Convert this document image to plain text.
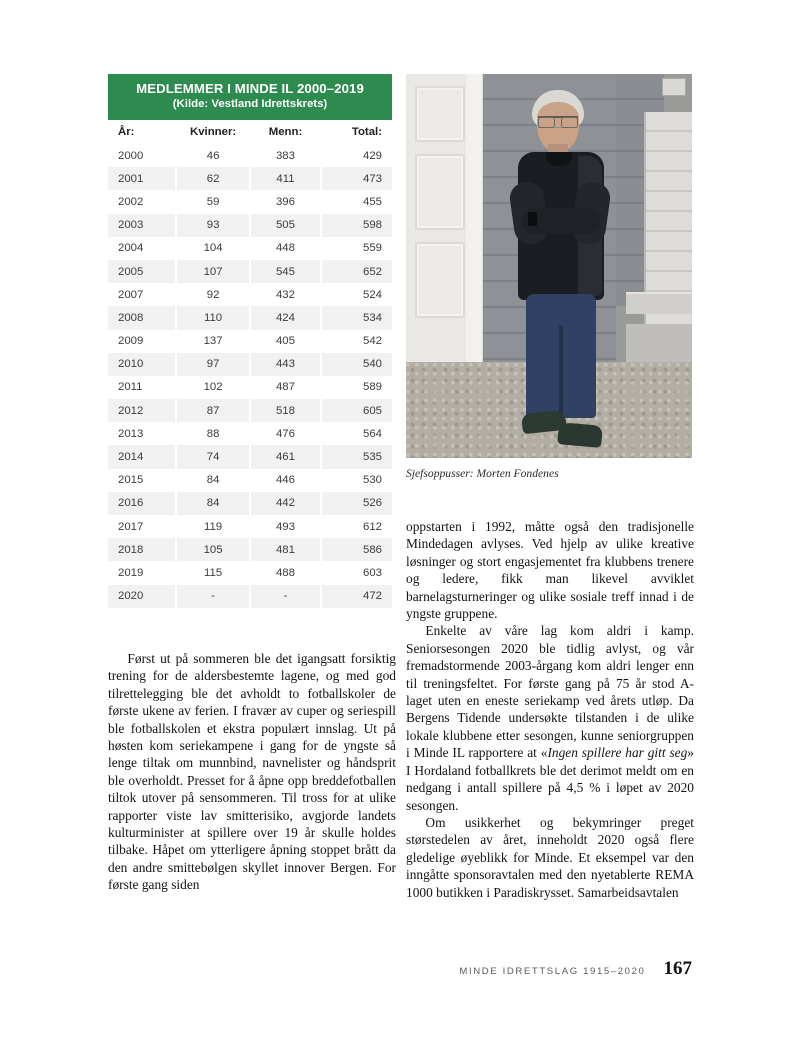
MEDLEMMER I MINDE IL 2000–2019
(Kilde: Vestland Idrettskrets)
År:	Kvinner:	Menn:	Total:
2000	46	383	429
2001	62	411	473
2002	59	396	455
2003	93	505	598
2004	104	448	559
2005	107	545	652
2007	92	432	524
2008	110	424	534
2009	137	405	542
2010	97	443	540
2011	102	487	589
2012	87	518	605
2013	88	476	564
2014	74	461	535
2015	84	446	530
2016	84	442	526
2017	119	493	612
2018	105	481	586
2019	115	488	603
2020	-	-	472
Sjefsoppusser: Morten Fondenes

Først ut på sommeren ble det igangsatt forsiktig trening for de aldersbestemte lagene, og med god tilrettelegging ble det avholdt to fotballskoler de første ukene av ferien. I fravær av cuper og seriespill ble fotballskolen et ekstra populært innslag. Ut på høsten kom seriekampene i gang for de yngste så lenge tiltak om munnbind, navnelister og håndsprit ble overholdt. Presset for å åpne opp breddefotballen tiltok utover på sensommeren. Til tross for at ulike rapporter viste lav smitterisiko, avgjorde landets kulturminister at spillere over 19 år skulle holdes tilbake. Håpet om ytterligere åpning stoppet brått da den andre smittebølgen skyllet innover Bergen. For første gang siden

oppstarten i 1992, måtte også den tradisjonelle Mindedagen avlyses. Ved hjelp av ulike kreative løsninger og stort engasjementet fra klubbens trenere og ledere, fikk man likevel avviklet barnelagsturneringer og ulike sosiale treff innad i de yngste gruppene.

Enkelte av våre lag kom aldri i kamp. Seniorsesongen 2020 ble tidlig avlyst, og vår fremadstormende 2003-årgang kom aldri lenger enn til treningsfeltet. For første gang på 75 år stod A-laget uten en eneste seriekamp ved årets utløp. Da Bergens Tidende undersøkte tilstanden i de ulike lokale klubbene etter sesongen, kunne seniorgruppen i Minde IL rapportere at «Ingen spillere har gitt seg» I Hordaland fotballkrets ble det derimot meldt om en nedgang i antall spillere på 4,5 % i løpet av 2020 sesongen.

Om usikkerhet og bekymringer preget størstedelen av året, inneholdt 2020 også flere gledelige øyeblikk for Minde. Et eksempel var den inngåtte sponsoravtalen med den nyetablerte REMA 1000 butikken i Paradiskrysset. Samarbeidsavtalen

MINDE IDRETTSLAG 1915–2020 167
